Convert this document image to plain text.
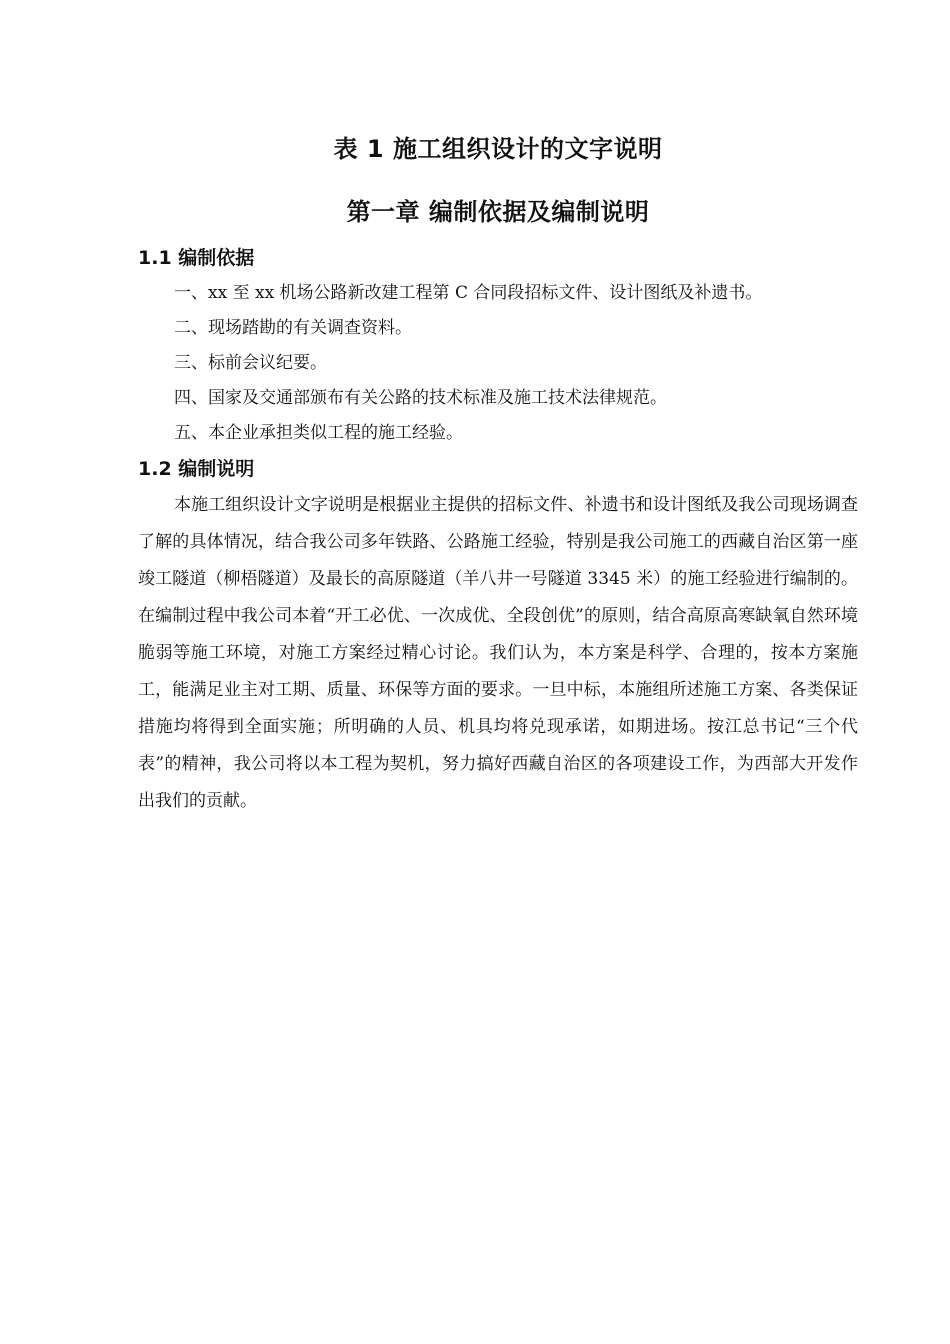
表 1 施工组织设计的文字说明
第一章 编制依据及编制说明
1.1 编制依据
一、xx 至 xx 机场公路新改建工程第 C 合同段招标文件、设计图纸及补遗书。
二、现场踏勘的有关调查资料。
三、标前会议纪要。
四、国家及交通部颁布有关公路的技术标准及施工技术法律规范。
五、本企业承担类似工程的施工经验。
1.2 编制说明

本施工组织设计文字说明是根据业主提供的招标文件、补遗书和设计图纸及我公司现场调查了解的具体情况，结合我公司多年铁路、公路施工经验，特别是我公司施工的西藏自治区第一座竣工隧道（柳梧隧道）及最长的高原隧道（羊八井一号隧道 3345 米）的施工经验进行编制的。在编制过程中我公司本着“开工必优、一次成优、全段创优”的原则，结合高原高寒缺氧自然环境脆弱等施工环境，对施工方案经过精心讨论。我们认为，本方案是科学、合理的，按本方案施工，能满足业主对工期、质量、环保等方面的要求。一旦中标，本施组所述施工方案、各类保证措施均将得到全面实施；所明确的人员、机具均将兑现承诺，如期进场。按江总书记“三个代表”的精神，我公司将以本工程为契机，努力搞好西藏自治区的各项建设工作，为西部大开发作出我们的贡献。
